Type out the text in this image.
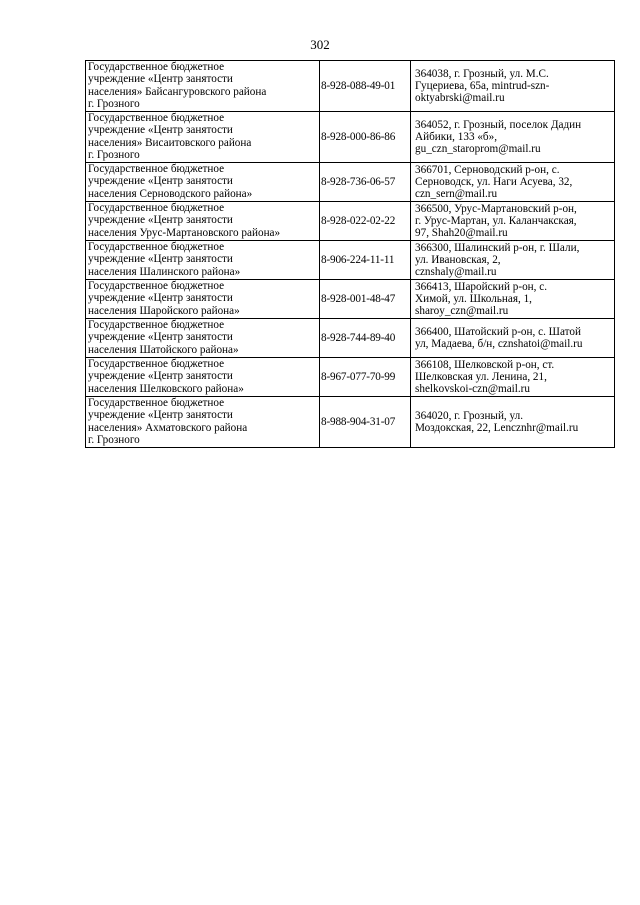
302
Государственное бюджетное
учреждение «Центр занятости
населения» Байсангуровского района
г. Грозного	8-928-088-49-01	364038, г. Грозный, ул. М.С.
Гуцериева, 65а, mintrud-szn-
oktyabrski@mail.ru
Государственное бюджетное
учреждение «Центр занятости
населения» Висаитовского района
г. Грозного	8-928-000-86-86	364052, г. Грозный, поселок Дадин
Айбики, 133 «б»,
gu_czn_staroprom@mail.ru
Государственное бюджетное
учреждение «Центр занятости
населения Серноводского района»	8-928-736-06-57	366701, Серноводский р-он, с.
Серноводск, ул. Наги Асуева, 32,
czn_sern@mail.ru
Государственное бюджетное
учреждение «Центр занятости
населения Урус-Мартановского района»	8-928-022-02-22	366500, Урус-Мартановский р-он,
г. Урус-Мартан, ул. Каланчакская,
97, Shah20@mail.ru
Государственное бюджетное
учреждение «Центр занятости
населения Шалинского района»	8-906-224-11-11	366300, Шалинский р-он, г. Шали,
ул. Ивановская, 2,
cznshaly@mail.ru
Государственное бюджетное
учреждение «Центр занятости
населения Шаройского района»	8-928-001-48-47	366413, Шаройский р-он, с.
Химой, ул. Школьная, 1,
sharoy_czn@mail.ru
Государственное бюджетное
учреждение «Центр занятости
населения Шатойского района»	8-928-744-89-40	366400, Шатойский р-он, с. Шатой
ул, Мадаева, б/н, cznshatoi@mail.ru
Государственное бюджетное
учреждение «Центр занятости
населения Шелковского района»	8-967-077-70-99	366108, Шелковской р-он, ст.
Шелковская ул. Ленина, 21,
shelkovskoi-czn@mail.ru
Государственное бюджетное
учреждение «Центр занятости
населения» Ахматовского района
г. Грозного	8-988-904-31-07	364020, г. Грозный, ул.
Моздокская, 22, Lencznhr@mail.ru
